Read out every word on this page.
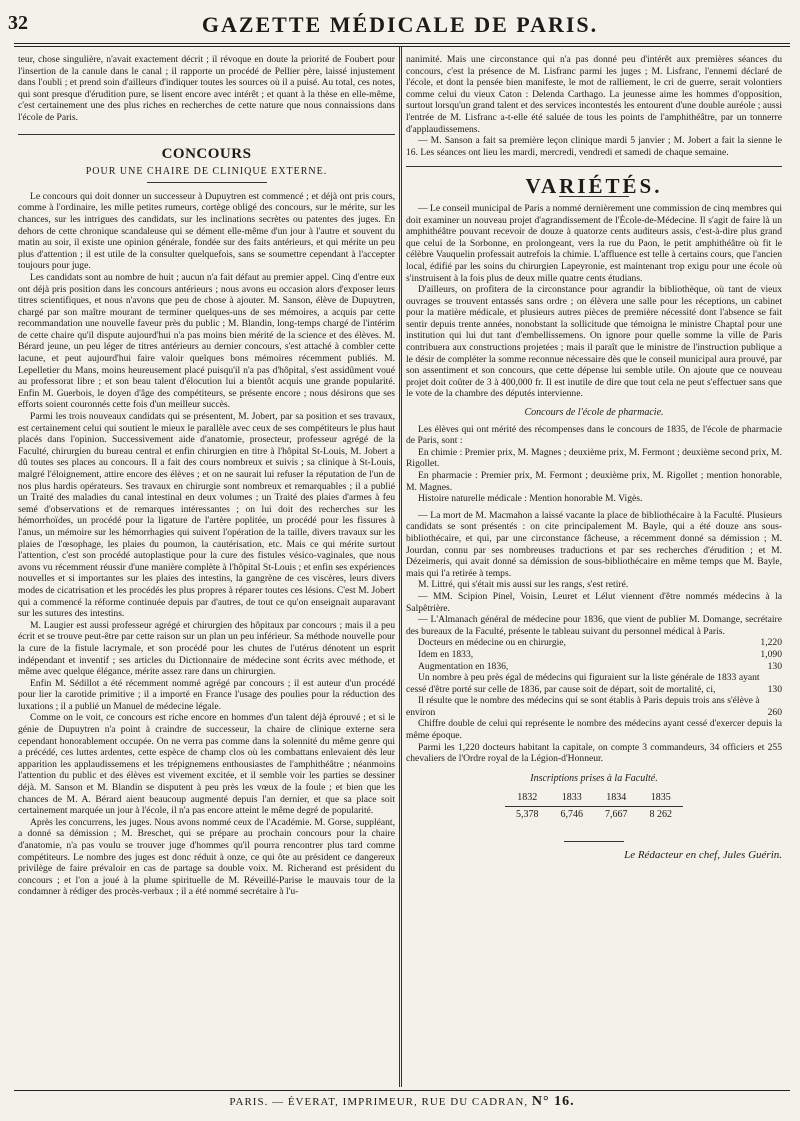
32	GAZETTE MÉDICALE DE PARIS.

teur, chose singulière, n'avait exactement décrit ; il révoque en doute la priorité de Foubert pour l'insertion de la canule dans le canal ; il rapporte un procédé de Pellier père, laissé injustement dans l'oubli ; et prend soin d'ailleurs d'indiquer toutes les sources où il a puisé. Au total, ces notes, qui sont presque d'érudition pure, se lisent encore avec intérêt ; et quant à la thèse en elle-même, c'est certainement une des plus riches en recherches de cette nature que nous connaissions dans l'école de Paris.

CONCOURS
POUR UNE CHAIRE DE CLINIQUE EXTERNE.

Le concours qui doit donner un successeur à Dupuytren est commencé ; et déjà ont pris cours, comme à l'ordinaire, les mille petites rumeurs, cortège obligé des concours, sur le mérite, sur les chances, sur les intrigues des candidats, sur les inclinations secrètes ou patentes des juges. En dehors de cette chronique scandaleuse qui se dément elle-même d'un jour à l'autre et souvent du matin au soir, il existe une opinion générale, fondée sur des faits antérieurs, et qui mérite un peu plus d'attention ; il est utile de la consulter quelquefois, sans se soumettre cependant à l'accepter toujours pour juge.

Les candidats sont au nombre de huit ; aucun n'a fait défaut au premier appel. Cinq d'entre eux ont déjà pris position dans les concours antérieurs ; nous avons eu occasion alors d'exposer leurs titres scientifiques, et nous n'avons que peu de chose à ajouter. M. Sanson, élève de Dupuytren, chargé par son maître mourant de terminer quelques-uns de ses mémoires, a acquis par cette recommandation une nouvelle faveur près du public ; M. Blandin, long-temps chargé de l'intérim de cette chaire qu'il dispute aujourd'hui n'a pas moins bien mérité de la science et des élèves. M. Bérard jeune, un peu léger de titres antérieurs au dernier concours, s'est attaché à combler cette lacune, et peut aujourd'hui faire valoir quelques bons mémoires récemment publiés. M. Lepelletier du Mans, moins heureusement placé puisqu'il n'a pas d'hôpital, s'est assidûment voué au professorat libre ; et son beau talent d'élocution lui a bientôt acquis une grande popularité. Enfin M. Guerbois, le doyen d'âge des compétiteurs, se présente encore ; nous désirons que ses efforts soient couronnés cette fois d'un meilleur succès.

Parmi les trois nouveaux candidats qui se présentent, M. Jobert, par sa position et ses travaux, est certainement celui qui soutient le mieux le parallèle avec ceux de ses compétiteurs le plus haut placés dans l'opinion. Successivement aide d'anatomie, prosecteur, professeur agrégé de la Faculté, chirurgien du bureau central et enfin chirurgien en titre à l'hôpital St-Louis, M. Jobert a dû toutes ses places au concours. Il a fait des cours nombreux et suivis ; sa clinique à St-Louis, malgré l'éloignement, attire encore des élèves ; et on ne saurait lui refuser la réputation de l'un de nos plus hardis opérateurs. Ses travaux en chirurgie sont nombreux et remarquables ; il a publié un Traité des maladies du canal intestinal en deux volumes ; un Traité des plaies d'armes à feu semé d'observations et de remarques intéressantes ; on lui doit des recherches sur les hémorrhoïdes, un procédé pour la ligature de l'artère poplitée, un procédé pour les fissures à l'anus, un mémoire sur les hémorrhagies qui suivent l'opération de la taille, divers travaux sur les plaies de l'œsophage, les plaies du poumon, la cautérisation, etc. Mais ce qui mérite surtout l'attention, c'est son procédé autoplastique pour la cure des fistules vésico-vaginales, que nous avons vu récemment réussir d'une manière complète à l'hôpital St-Louis ; et enfin ses expériences nouvelles et si importantes sur les plaies des intestins, la gangrène de ces viscères, leurs divers modes de cicatrisation et les procédés les plus propres à réparer toutes ces lésions. C'est M. Jobert qui a commencé la réforme continuée depuis par d'autres, de tout ce qu'on enseignait auparavant sur les sutures des intestins.

M. Laugier est aussi professeur agrégé et chirurgien des hôpitaux par concours ; mais il a peu écrit et se trouve peut-être par cette raison sur un plan un peu inférieur. Sa méthode nouvelle pour la cure de la fistule lacrymale, et son procédé pour les chutes de l'utérus dénotent un esprit indépendant et inventif ; ses articles du Dictionnaire de médecine sont écrits avec méthode, et même avec quelque élégance, mérite assez rare dans un chirurgien.

Enfin M. Sédillot a été récemment nommé agrégé par concours ; il est auteur d'un procédé pour lier la carotide primitive ; il a importé en France l'usage des poulies pour la réduction des luxations ; il a publié un Manuel de médecine légale.

Comme on le voit, ce concours est riche encore en hommes d'un talent déjà éprouvé ; et si le génie de Dupuytren n'a point à craindre de successeur, la chaire de clinique externe sera cependant honorablement occupée. On ne verra pas comme dans la solennité du même genre qui a précédé, ces luttes ardentes, cette espèce de champ clos où les combattans enlevaient dès leur apparition les applaudissemens et les trépignemens enthousiastes de l'amphithéâtre ; néanmoins l'attention du public et des élèves est vivement excitée, et il semble voir les parties se dessiner déjà. M. Sanson et M. Blandin se disputent à peu près les vœux de la foule ; et bien que les chances de M. A. Bérard aient beaucoup augmenté depuis l'an dernier, et que sa place soit certainement marquée un jour à l'école, il n'a pas encore atteint le même degré de popularité.

Après les concurrens, les juges. Nous avons nommé ceux de l'Académie. M. Gorse, suppléant, a donné sa démission ; M. Breschet, qui se prépare au prochain concours pour la chaire d'anatomie, n'a pas voulu se trouver juge d'hommes qu'il pourra rencontrer plus tard comme compétiteurs. Le nombre des juges est donc réduit à onze, ce qui ôte au président ce dangereux privilège de faire prévaloir en cas de partage sa double voix. M. Richerand est président du concours ; et l'on a joué à la plume spirituelle de M. Réveillé-Parise le mauvais tour de la condamner à rédiger des procès-verbaux ; il a été nommé secrétaire à l'u-

nanimité. Mais une circonstance qui n'a pas donné peu d'intérêt aux premières séances du concours, c'est la présence de M. Lisfranc parmi les juges ; M. Lisfranc, l'ennemi déclaré de l'école, et dont la pensée bien manifeste, le mot de ralliement, le cri de guerre, serait volontiers comme celui du vieux Caton : Delenda Carthago. La jeunesse aime les hommes d'opposition, surtout lorsqu'un grand talent et des services incontestés les entourent d'une double auréole ; aussi l'entrée de M. Lisfranc a-t-elle été saluée de tous les points de l'amphithéâtre, par un tonnerre d'applaudissemens.

— M. Sanson a fait sa première leçon clinique mardi 5 janvier ; M. Jobert a fait la sienne le 16. Les séances ont lieu les mardi, mercredi, vendredi et samedi de chaque semaine.

VARIÉTÉS.

— Le conseil municipal de Paris a nommé dernièrement une commission de cinq membres qui doit examiner un nouveau projet d'agrandissement de l'École-de-Médecine. Il s'agit de faire là un amphithéâtre pouvant recevoir de douze à quatorze cents auditeurs assis, c'est-à-dire plus grand que celui de la Sorbonne, en prolongeant, vers la rue du Paon, le petit amphithéâtre où fit le célèbre Vauquelin professait autrefois la chimie. L'affluence est telle à certains cours, que l'ancien local, édifié par les soins du chirurgien Lapeyronie, est maintenant trop exigu pour une école où s'instruisent à la fois plus de deux mille quatre cents étudians.

D'ailleurs, on profitera de la circonstance pour agrandir la bibliothèque, où tant de vieux ouvrages se trouvent entassés sans ordre ; on élèvera une salle pour les réceptions, un cabinet pour la matière médicale, et plusieurs autres pièces de première nécessité dont l'absence se fait sentir depuis trente années, nonobstant la sollicitude que témoigna le ministre Chaptal pour une institution qui lui dut tant d'embellissemens. On ignore pour quelle somme la ville de Paris contribuera aux constructions projetées ; mais il paraît que le ministre de l'instruction publique a le désir de compléter la somme reconnue nécessaire dès que le conseil municipal aura prouvé, par son assentiment et son concours, que cette dépense lui semble utile. On ajoute que ce nouveau projet doit coûter de 3 à 400,000 fr. Il est inutile de dire que tout cela ne peut s'effectuer sans que le vote de la chambre des députés intervienne.

Concours de l'école de pharmacie.

Les élèves qui ont mérité des récompenses dans le concours de 1835, de l'école de pharmacie de Paris, sont :

En chimie : Premier prix, M. Magnes ; deuxième prix, M. Fermont ; deuxième second prix, M. Rigollet.

En pharmacie : Premier prix, M. Fermont ; deuxième prix, M. Rigollet ; mention honorable, M. Magnes.

Histoire naturelle médicale : Mention honorable M. Vigès.

— La mort de M. Macmahon a laissé vacante la place de bibliothécaire à la Faculté. Plusieurs candidats se sont présentés : on cite principalement M. Bayle, qui a été douze ans sous-bibliothécaire, et qui, par une circonstance fâcheuse, a récemment donné sa démission ; M. Jourdan, connu par ses nombreuses traductions et par ses recherches d'érudition ; et M. Dézeimeris, qui avait donné sa démission de sous-bibliothécaire en même temps que M. Bayle, mais qui l'a retirée à temps.

M. Littré, qui s'était mis aussi sur les rangs, s'est retiré.

— MM. Scipion Pinel, Voisin, Leuret et Lélut viennent d'être nommés médecins à la Salpêtrière.

— L'Almanach général de médecine pour 1836, que vient de publier M. Domange, secrétaire des bureaux de la Faculté, présente le tableau suivant du personnel médical à Paris.

Docteurs en médecine ou en chirurgie,	1,220
Idem en 1833,	1,090
Augmentation en 1836,	130
Un nombre à peu près égal de médecins qui figuraient sur la liste générale de 1833 ayant cessé d'être porté sur celle de 1836, par cause soit de départ, soit de mortalité, ci,	130
Il résulte que le nombre des médecins qui se sont établis à Paris depuis trois ans s'élève à environ	260

Chiffre double de celui qui représente le nombre des médecins ayant cessé d'exercer depuis la même époque.

Parmi les 1,220 docteurs habitant la capitale, on compte 3 commandeurs, 34 officiers et 255 chevaliers de l'Ordre royal de la Légion-d'Honneur.

Inscriptions prises à la Faculté.
1832	1833	1834	1835
5,378	6,746	7,667	8 262
Le Rédacteur en chef, Jules Guérin.
PARIS. — ÉVERAT, IMPRIMEUR, RUE DU CADRAN, N° 16.
